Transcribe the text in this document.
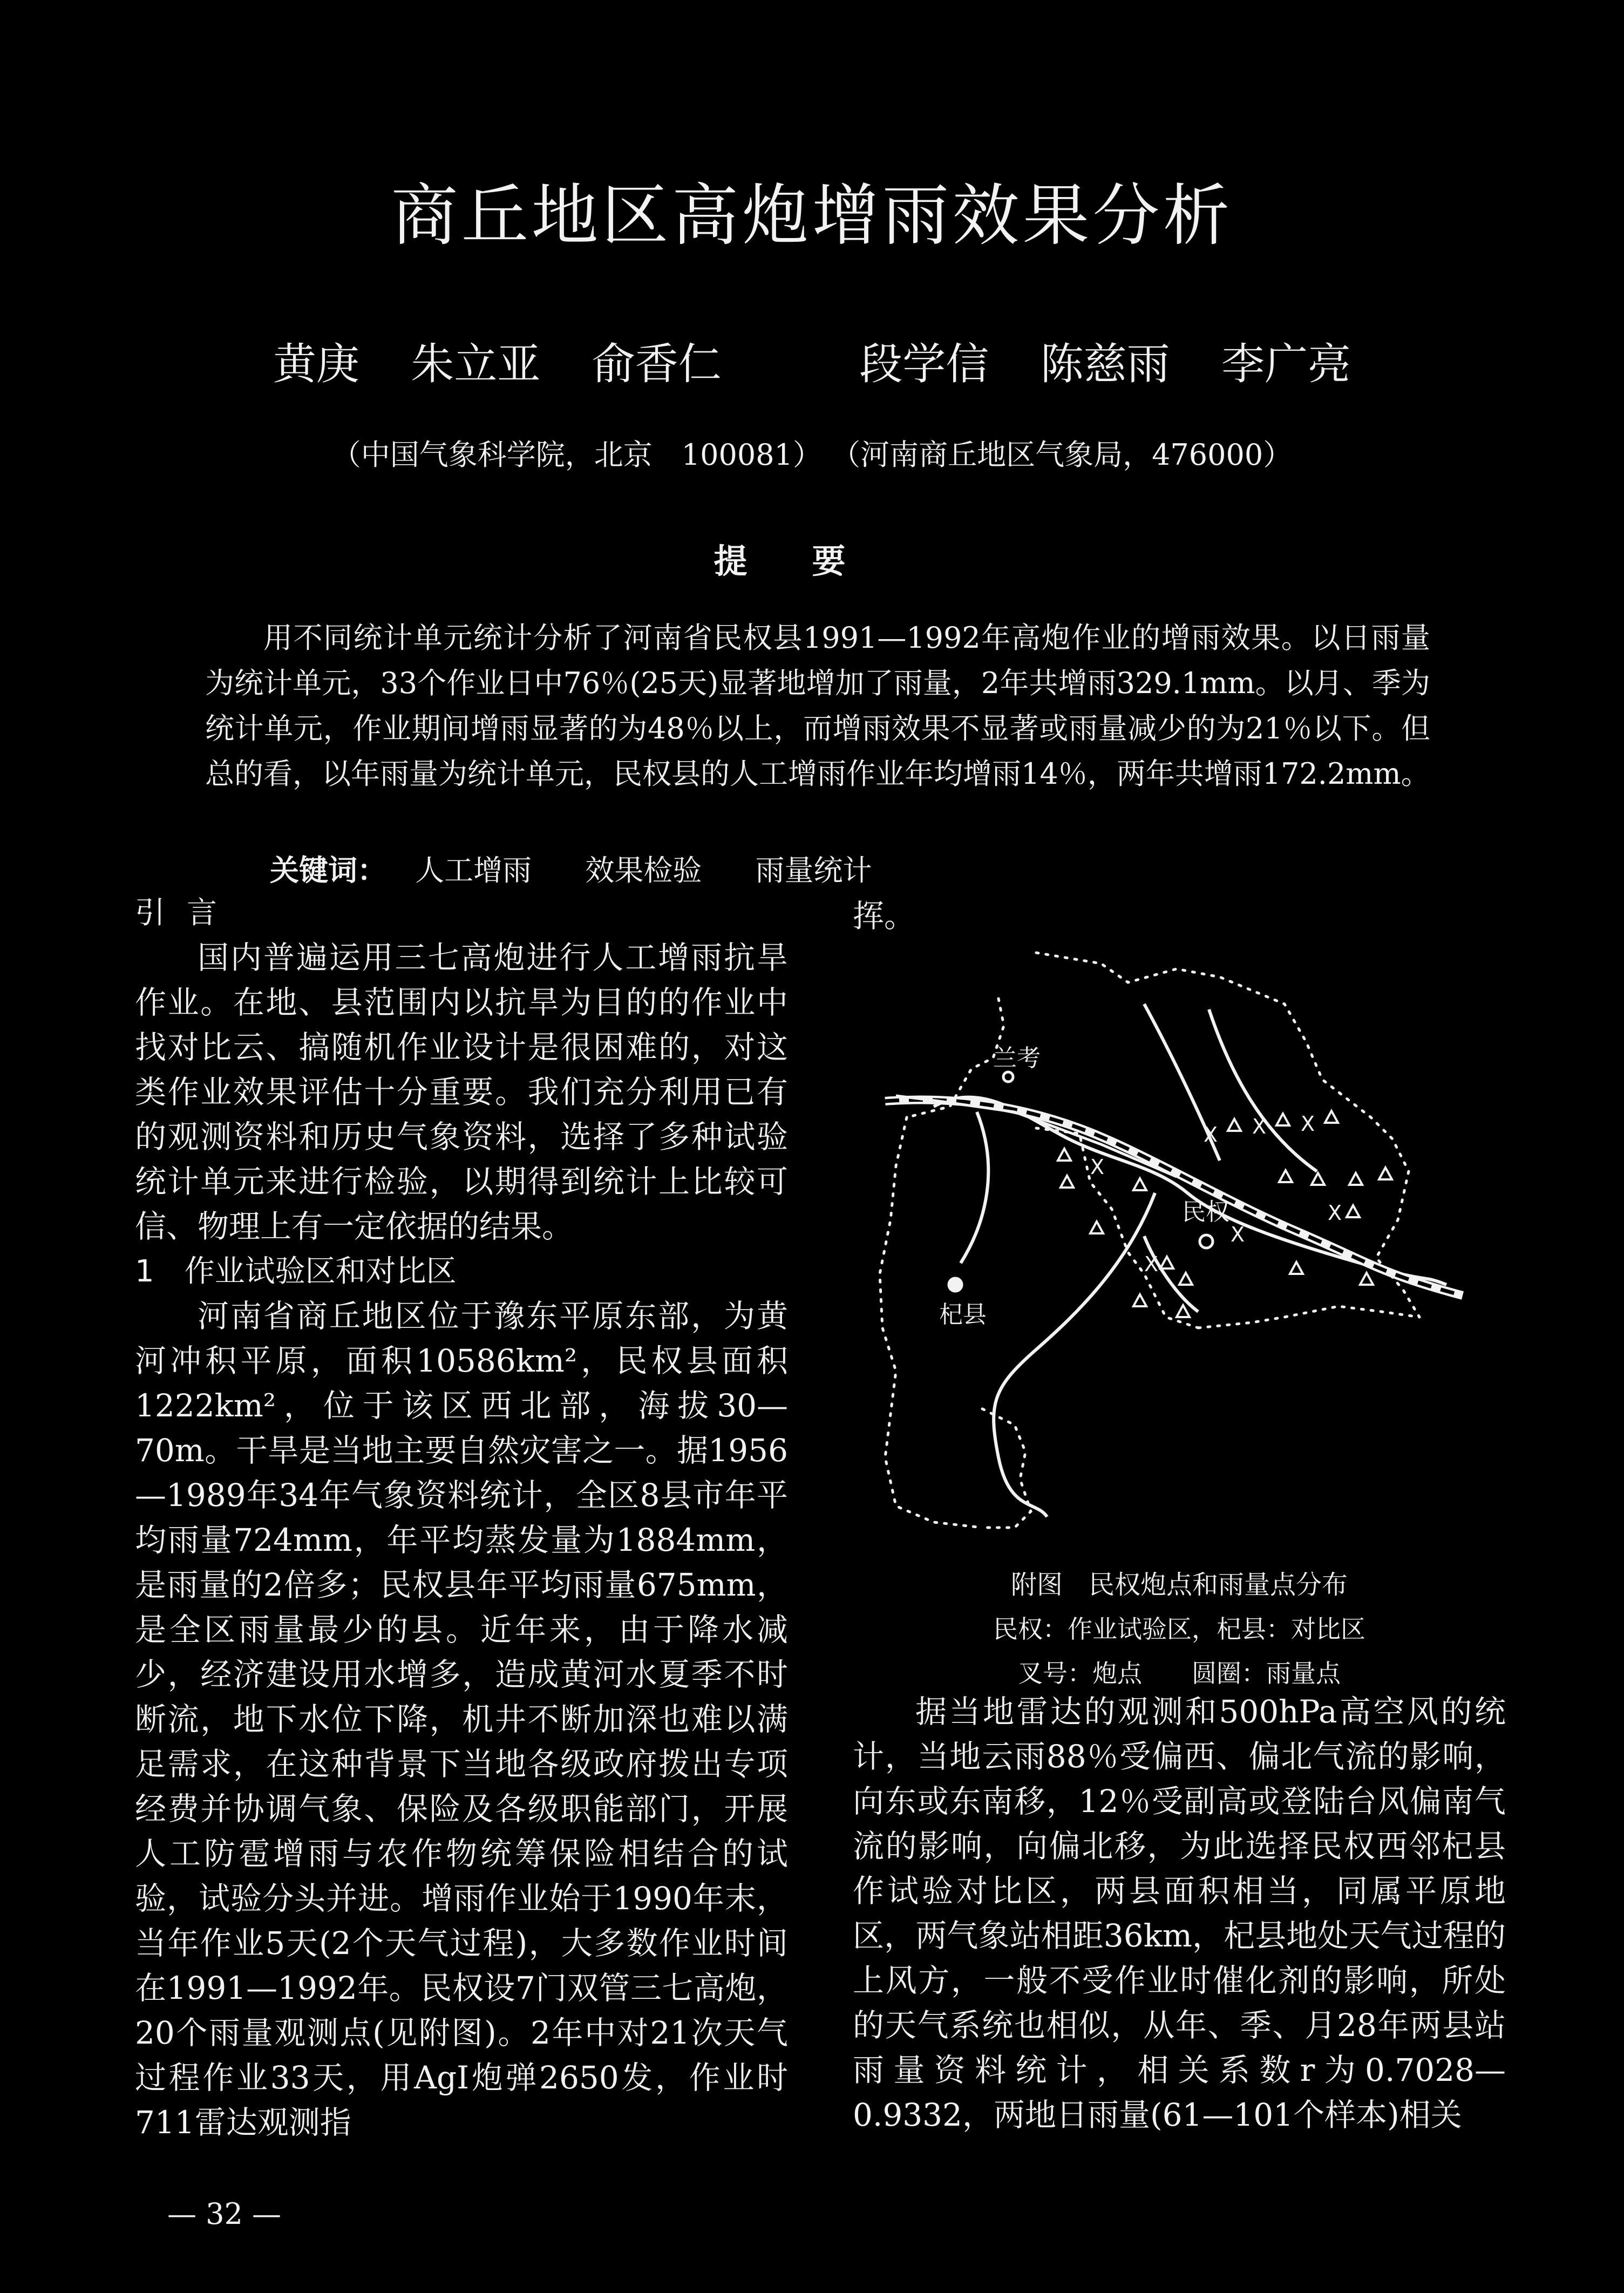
商丘地区高炮增雨效果分析
黄庚 朱立亚 俞香仁	段学信 陈慈雨 李广亮
（中国气象科学院，北京　100081） （河南商丘地区气象局，476000）
提要

用不同统计单元统计分析了河南省民权县1991—1992年高炮作业的增雨效果。以日雨量为统计单元，33个作业日中76％(25天)显著地增加了雨量，2年共增雨329.1mm。以月、季为统计单元，作业期间增雨显著的为48％以上，而增雨效果不显著或雨量减少的为21％以下。但总的看，以年雨量为统计单元，民权县的人工增雨作业年均增雨14％，两年共增雨172.2mm。

关键词： 人工增雨 效果检验 雨量统计

引言

国内普遍运用三七高炮进行人工增雨抗旱作业。在地、县范围内以抗旱为目的的作业中找对比云、搞随机作业设计是很困难的，对这类作业效果评估十分重要。我们充分利用已有的观测资料和历史气象资料，选择了多种试验统计单元来进行检验，以期得到统计上比较可信、物理上有一定依据的结果。

1　作业试验区和对比区

河南省商丘地区位于豫东平原东部，为黄河冲积平原，面积10586km²，民权县面积1222km²，位于该区西北部，海拔30—70m。干旱是当地主要自然灾害之一。据1956—1989年34年气象资料统计，全区8县市年平均雨量724mm，年平均蒸发量为1884mm，是雨量的2倍多；民权县年平均雨量675mm，是全区雨量最少的县。近年来，由于降水减少，经济建设用水增多，造成黄河水夏季不时断流，地下水位下降，机井不断加深也难以满足需求，在这种背景下当地各级政府拨出专项经费并协调气象、保险及各级职能部门，开展人工防雹增雨与农作物统筹保险相结合的试验，试验分头并进。增雨作业始于1990年末，当年作业5天(2个天气过程)，大多数作业时间在1991—1992年。民权设7门双管三七高炮，20个雨量观测点(见附图)。2年中对21次天气过程作业33天，用AgI炮弹2650发，作业时711雷达观测指

挥。
兰考
民权
杞县
X X X
X
X
X
X
附图　民权炮点和雨量点分布
民权：作业试验区，杞县：对比区
叉号：炮点　　圆圈：雨量点

据当地雷达的观测和500hPa高空风的统计，当地云雨88％受偏西、偏北气流的影响，向东或东南移，12％受副高或登陆台风偏南气流的影响，向偏北移，为此选择民权西邻杞县作试验对比区，两县面积相当，同属平原地区，两气象站相距36km，杞县地处天气过程的上风方，一般不受作业时催化剂的影响，所处的天气系统也相似，从年、季、月28年两县站雨量资料统计，相关系数r为0.7028—0.9332，两地日雨量(61—101个样本)相关

— 32 —
